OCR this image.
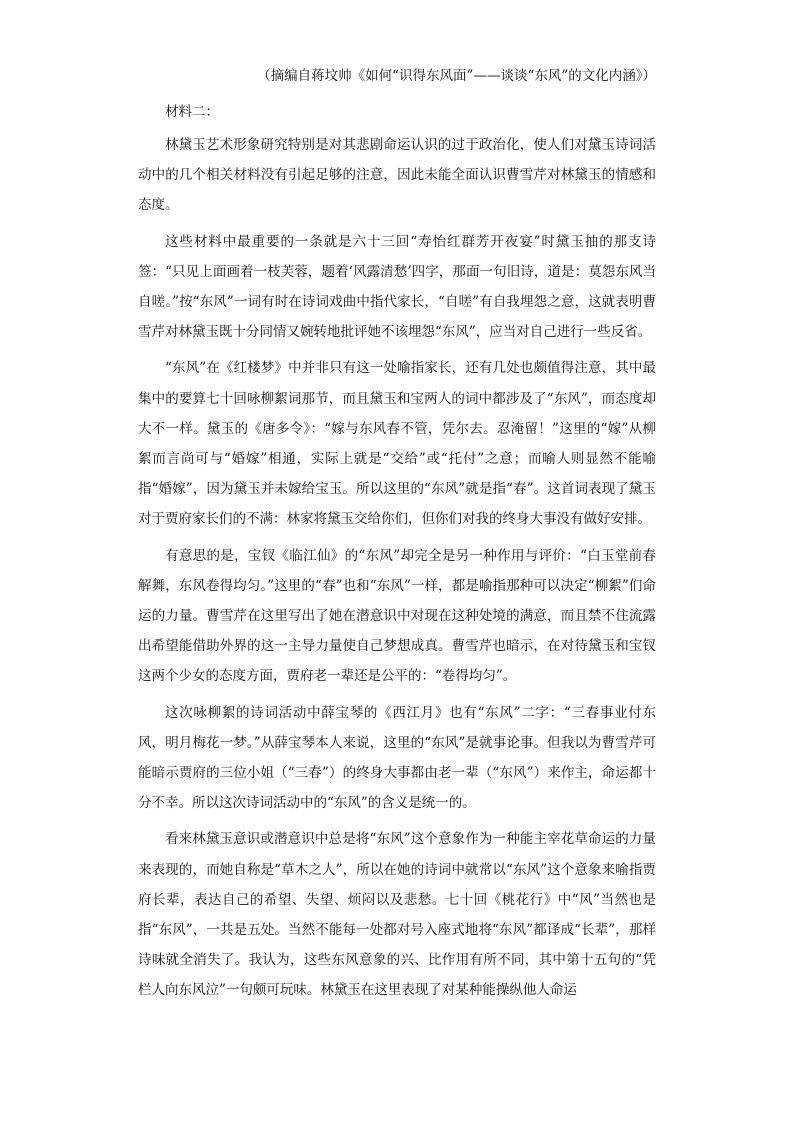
（摘编自蒋坟帅《如何“识得东风面”——谈谈“东风”的文化内涵》）

材料二：

林黛玉艺术形象研究特别是对其悲剧命运认识的过于政治化，使人们对黛玉诗词活动中的几个相关材料没有引起足够的注意，因此未能全面认识曹雪芹对林黛玉的情感和态度。

这些材料中最重要的一条就是六十三回“寿怡红群芳开夜宴”时黛玉抽的那支诗签：“只见上面画着一枝芙蓉，题着‘风露清愁’四字，那面一句旧诗，道是：莫怨东风当自嗟。”按“东风”一词有时在诗词戏曲中指代家长，“自嗟”有自我埋怨之意，这就表明曹雪芹对林黛玉既十分同情又婉转地批评她不该埋怨“东风”，应当对自己进行一些反省。

“东风”在《红楼梦》中并非只有这一处喻指家长，还有几处也颇值得注意，其中最集中的要算七十回咏柳絮词那节，而且黛玉和宝两人的词中都涉及了“东风”，而态度却大不一样。黛玉的《唐多令》：“嫁与东风春不管，凭尔去。忍淹留！”这里的“嫁”从柳絮而言尚可与“婚嫁”相通，实际上就是“交给”或“托付”之意；而喻人则显然不能喻指“婚嫁”，因为黛玉并未嫁给宝玉。所以这里的“东风”就是指“春”。这首词表现了黛玉对于贾府家长们的不满：林家将黛玉交给你们，但你们对我的终身大事没有做好安排。

有意思的是，宝钗《临江仙》的“东风”却完全是另一种作用与评价：“白玉堂前春解舞，东风卷得均匀。”这里的“春”也和“东风”一样，都是喻指那种可以决定“柳絮”们命运的力量。曹雪芹在这里写出了她在潜意识中对现在这种处境的满意，而且禁不住流露出希望能借助外界的这一主导力量使自己梦想成真。曹雪芹也暗示，在对待黛玉和宝钗这两个少女的态度方面，贾府老一辈还是公平的：“卷得均匀”。

这次咏柳絮的诗词活动中薛宝琴的《西江月》也有“东风”二字：“三春事业付东风，明月梅花一梦。”从薛宝琴本人来说，这里的“东风”是就事论事。但我以为曹雪芹可能暗示贾府的三位小姐（“三春”）的终身大事都由老一辈（“东风”）来作主，命运都十分不幸。所以这次诗词活动中的“东风”的含义是统一的。

看来林黛玉意识或潜意识中总是将“东风”这个意象作为一种能主宰花草命运的力量来表现的，而她自称是“草木之人”，所以在她的诗词中就常以“东风”这个意象来喻指贾府长辈，表达自己的希望、失望、烦闷以及悲愁。七十回《桃花行》中“风”当然也是指“东风”，一共是五处。当然不能每一处都对号入座式地将“东风”都译成“长辈”，那样诗味就全消失了。我认为，这些东风意象的兴、比作用有所不同，其中第十五句的“凭栏人向东风泣”一句颇可玩味。林黛玉在这里表现了对某种能操纵他人命运
